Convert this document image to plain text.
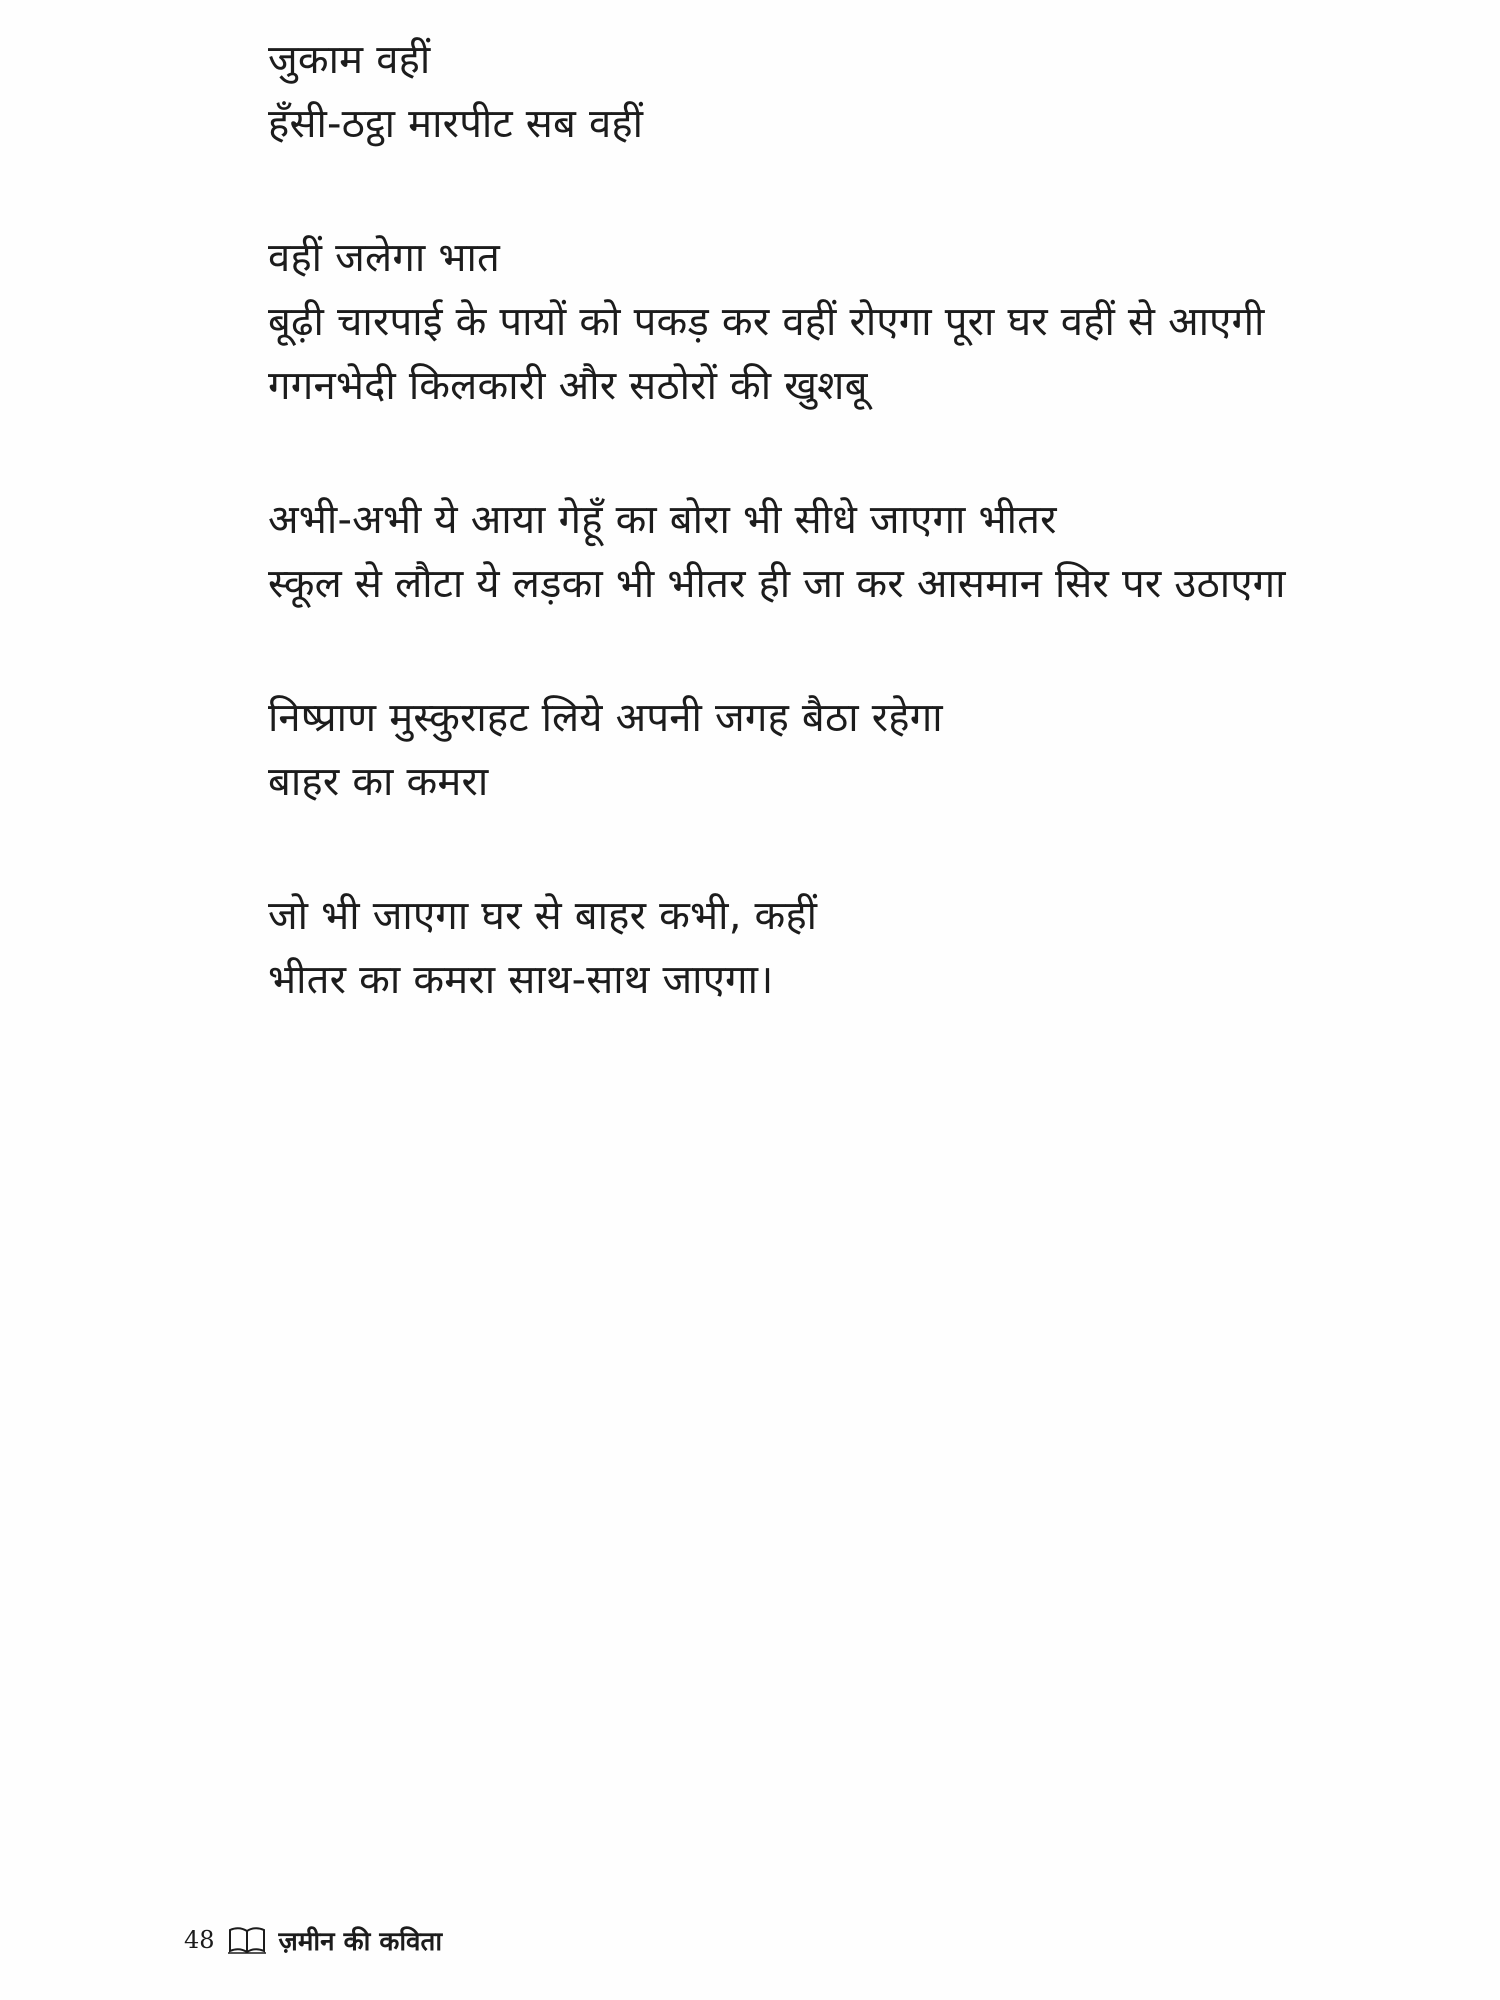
जुकाम वहीं
हँसी-ठट्ठा मारपीट सब वहीं
वहीं जलेगा भात
बूढ़ी चारपाई के पायों को पकड़ कर वहीं रोएगा पूरा घर वहीं से आएगी
गगनभेदी किलकारी और सठोरों की खुशबू
अभी-अभी ये आया गेहूँ का बोरा भी सीधे जाएगा भीतर
स्कूल से लौटा ये लड़का भी भीतर ही जा कर आसमान सिर पर उठाएगा
निष्प्राण मुस्कुराहट लिये अपनी जगह बैठा रहेगा
बाहर का कमरा
जो भी जाएगा घर से बाहर कभी, कहीं
भीतर का कमरा साथ-साथ जाएगा।
48 ज़मीन की कविता
